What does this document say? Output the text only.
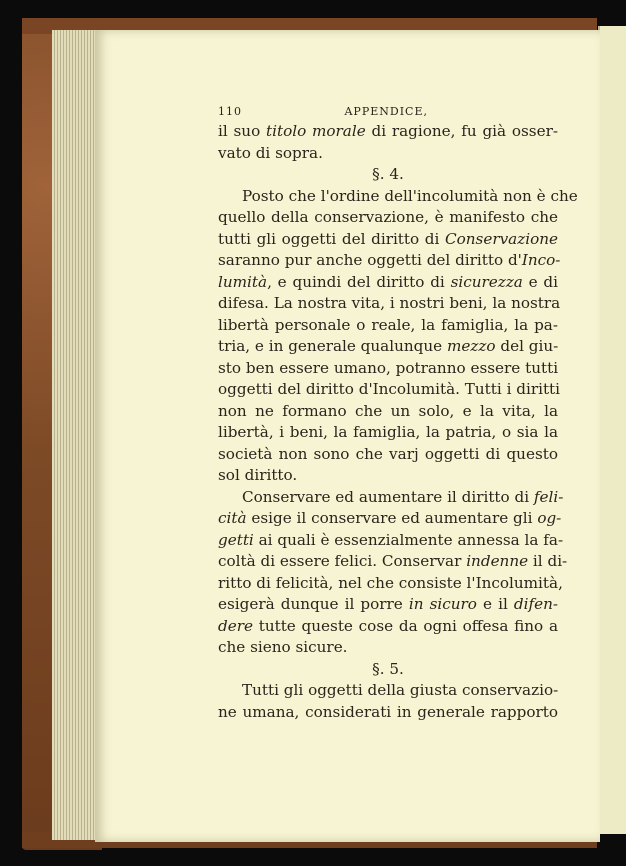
110	APPENDICE,
il suo titolo morale di ragione, fu già osser-
vato di sopra.
§. 4.
Posto che l'ordine dell'incolumità non è che
quello della conservazione, è manifesto che
tutti gli oggetti del diritto di Conservazione
saranno pur anche oggetti del diritto d'Inco-
lumità, e quindi del diritto di sicurezza e di
difesa. La nostra vita, i nostri beni, la nostra
libertà personale o reale, la famiglia, la pa-
tria, e in generale qualunque mezzo del giu-
sto ben essere umano, potranno essere tutti
oggetti del diritto d'Incolumità. Tutti i diritti
non ne formano che un solo, e la vita, la
libertà, i beni, la famiglia, la patria, o sia la
società non sono che varj oggetti di questo
sol diritto.
Conservare ed aumentare il diritto di feli-
cità esige il conservare ed aumentare gli og-
getti ai quali è essenzialmente annessa la fa-
coltà di essere felici. Conservar indenne il di-
ritto di felicità, nel che consiste l'Incolumità,
esigerà dunque il porre in sicuro e il difen-
dere tutte queste cose da ogni offesa fino a
che sieno sicure.
§. 5.
Tutti gli oggetti della giusta conservazio-
ne umana, considerati in generale rapporto
